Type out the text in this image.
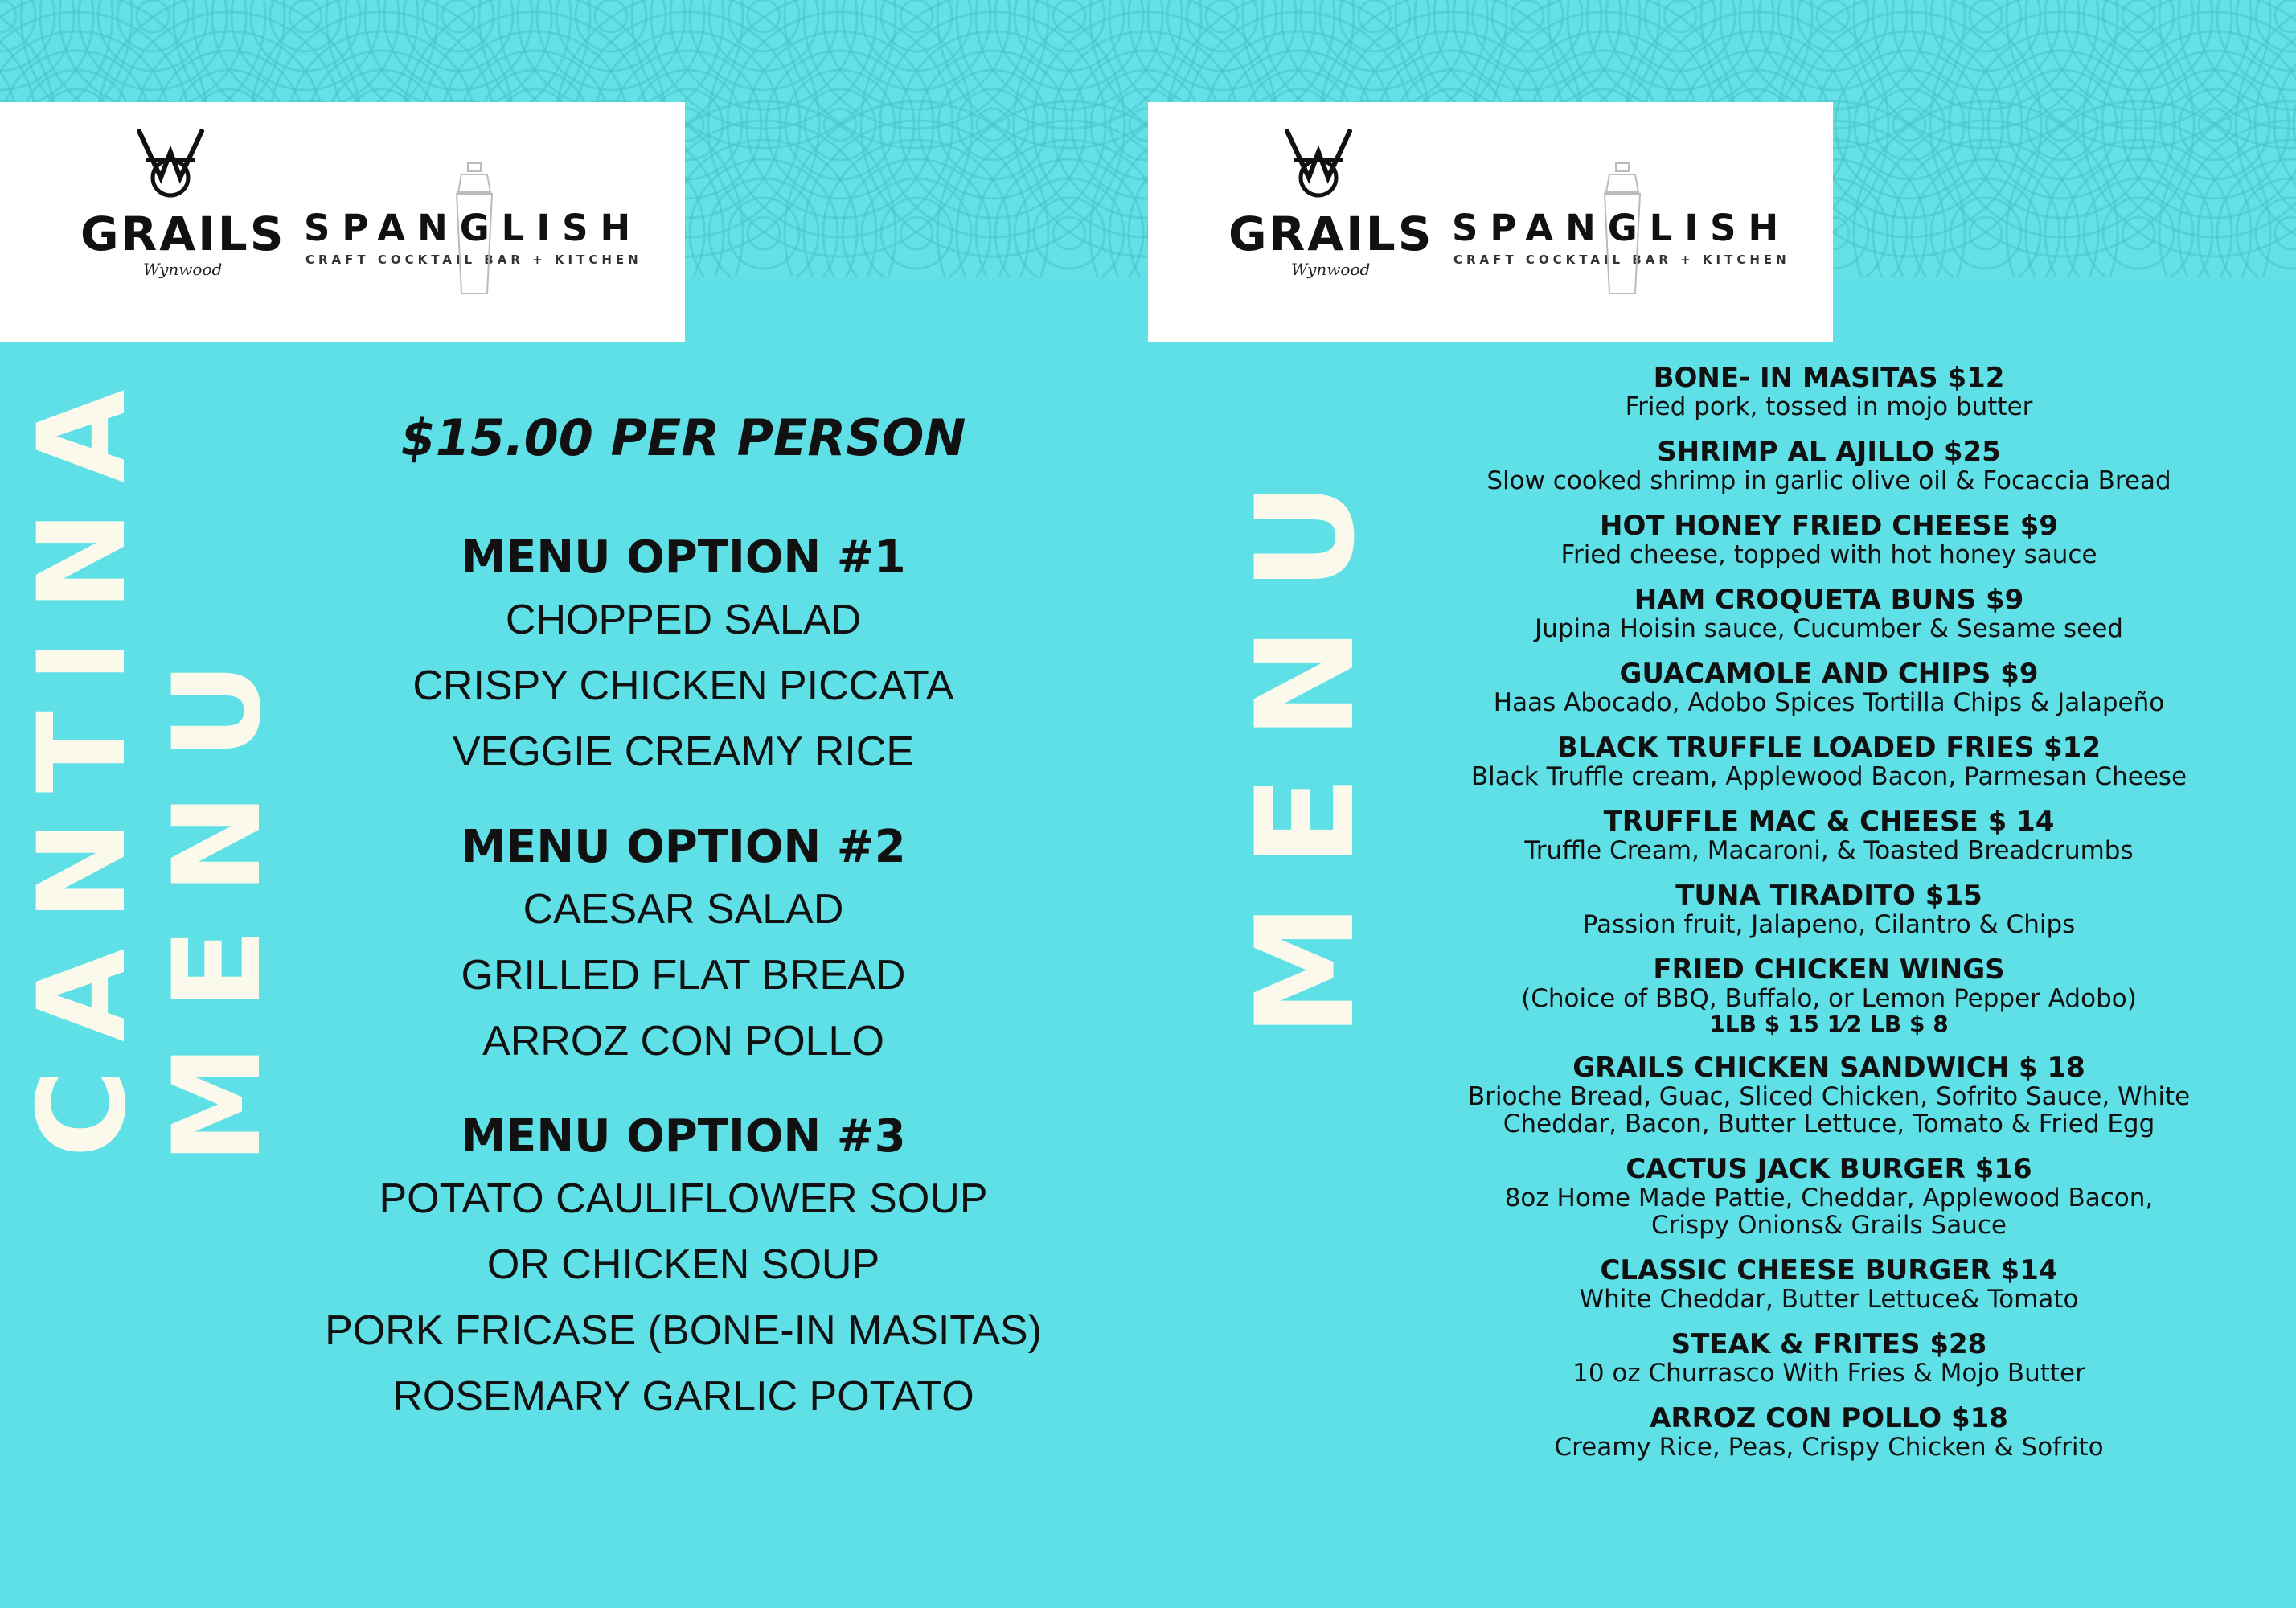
GRAILS
Wynwood
SPANGLISH
CRAFT COCKTAIL BAR + KITCHEN	GRAILS
Wynwood
SPANGLISH
CRAFT COCKTAIL BAR + KITCHEN
CANTINA
MENU	MENU

$15.00 PER PERSON

MENU OPTION #1

CHOPPED SALAD

CRISPY CHICKEN PICCATA

VEGGIE CREAMY RICE

MENU OPTION #2

CAESAR SALAD

GRILLED FLAT BREAD

ARROZ CON POLLO

MENU OPTION #3

POTATO CAULIFLOWER SOUP

OR CHICKEN SOUP

PORK FRICASE (BONE-IN MASITAS)

ROSEMARY GARLIC POTATO

BONE- IN MASITAS $12

Fried pork, tossed in mojo butter

SHRIMP AL AJILLO $25

Slow cooked shrimp in garlic olive oil & Focaccia Bread

HOT HONEY FRIED CHEESE $9

Fried cheese, topped with hot honey sauce

HAM CROQUETA BUNS $9

Jupina Hoisin sauce, Cucumber & Sesame seed

GUACAMOLE AND CHIPS $9

Haas Abocado, Adobo Spices Tortilla Chips & Jalapeño

BLACK TRUFFLE LOADED FRIES $12

Black Truffle cream, Applewood Bacon, Parmesan Cheese

TRUFFLE MAC & CHEESE $ 14

Truffle Cream, Macaroni, & Toasted Breadcrumbs

TUNA TIRADITO $15

Passion fruit, Jalapeno, Cilantro & Chips

FRIED CHICKEN WINGS

(Choice of BBQ, Buffalo, or Lemon Pepper Adobo)

1LB $ 15 1⁄2 LB $ 8

GRAILS CHICKEN SANDWICH $ 18

Brioche Bread, Guac, Sliced Chicken, Sofrito Sauce, White

Cheddar, Bacon, Butter Lettuce, Tomato & Fried Egg

CACTUS JACK BURGER $16

8oz Home Made Pattie, Cheddar, Applewood Bacon,

Crispy Onions& Grails Sauce

CLASSIC CHEESE BURGER $14

White Cheddar, Butter Lettuce& Tomato

STEAK & FRITES $28

10 oz Churrasco With Fries & Mojo Butter

ARROZ CON POLLO $18

Creamy Rice, Peas, Crispy Chicken & Sofrito
